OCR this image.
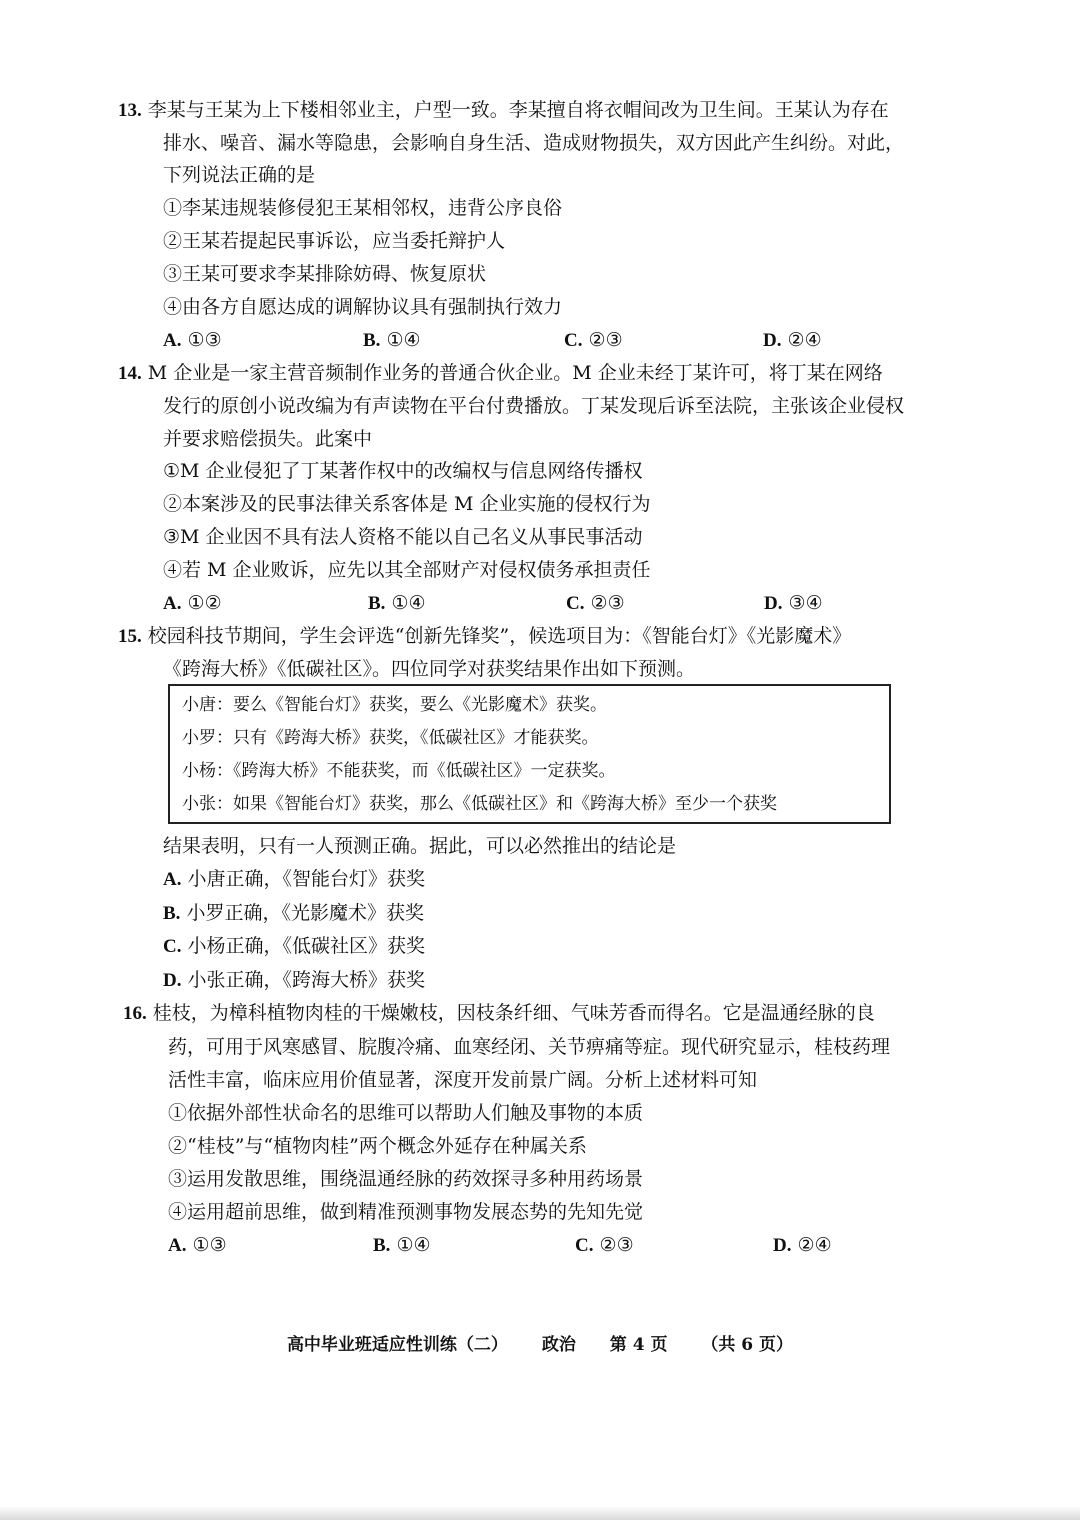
13. 李某与王某为上下楼相邻业主，户型一致。李某擅自将衣帽间改为卫生间。王某认为存在
排水、噪音、漏水等隐患，会影响自身生活、造成财物损失，双方因此产生纠纷。对此，
下列说法正确的是
①李某违规装修侵犯王某相邻权，违背公序良俗
②王某若提起民事诉讼，应当委托辩护人
③王某可要求李某排除妨碍、恢复原状
④由各方自愿达成的调解协议具有强制执行效力
A. ①③	B. ①④	C. ②③	D. ②④
14. M 企业是一家主营音频制作业务的普通合伙企业。M 企业未经丁某许可，将丁某在网络
发行的原创小说改编为有声读物在平台付费播放。丁某发现后诉至法院，主张该企业侵权
并要求赔偿损失。此案中
①M 企业侵犯了丁某著作权中的改编权与信息网络传播权
②本案涉及的民事法律关系客体是 M 企业实施的侵权行为
③M 企业因不具有法人资格不能以自己名义从事民事活动
④若 M 企业败诉，应先以其全部财产对侵权债务承担责任
A. ①②	B. ①④	C. ②③	D. ③④
15. 校园科技节期间，学生会评选“创新先锋奖”，候选项目为：《智能台灯》《光影魔术》
《跨海大桥》《低碳社区》。四位同学对获奖结果作出如下预测。
小唐：要么《智能台灯》获奖，要么《光影魔术》获奖。
小罗：只有《跨海大桥》获奖，《低碳社区》才能获奖。
小杨：《跨海大桥》不能获奖，而《低碳社区》一定获奖。
小张：如果《智能台灯》获奖，那么《低碳社区》和《跨海大桥》至少一个获奖
结果表明，只有一人预测正确。据此，可以必然推出的结论是
A. 小唐正确，《智能台灯》获奖
B. 小罗正确，《光影魔术》获奖
C. 小杨正确，《低碳社区》获奖
D. 小张正确，《跨海大桥》获奖
16. 桂枝，为樟科植物肉桂的干燥嫩枝，因枝条纤细、气味芳香而得名。它是温通经脉的良
药，可用于风寒感冒、脘腹冷痛、血寒经闭、关节痹痛等症。现代研究显示，桂枝药理
活性丰富，临床应用价值显著，深度开发前景广阔。分析上述材料可知
①依据外部性状命名的思维可以帮助人们触及事物的本质
②“桂枝”与“植物肉桂”两个概念外延存在种属关系
③运用发散思维，围绕温通经脉的药效探寻多种用药场景
④运用超前思维，做到精准预测事物发展态势的先知先觉
A. ①③	B. ①④	C. ②③	D. ②④
高中毕业班适应性训练（二） 政治 第 4 页 （共 6 页）
